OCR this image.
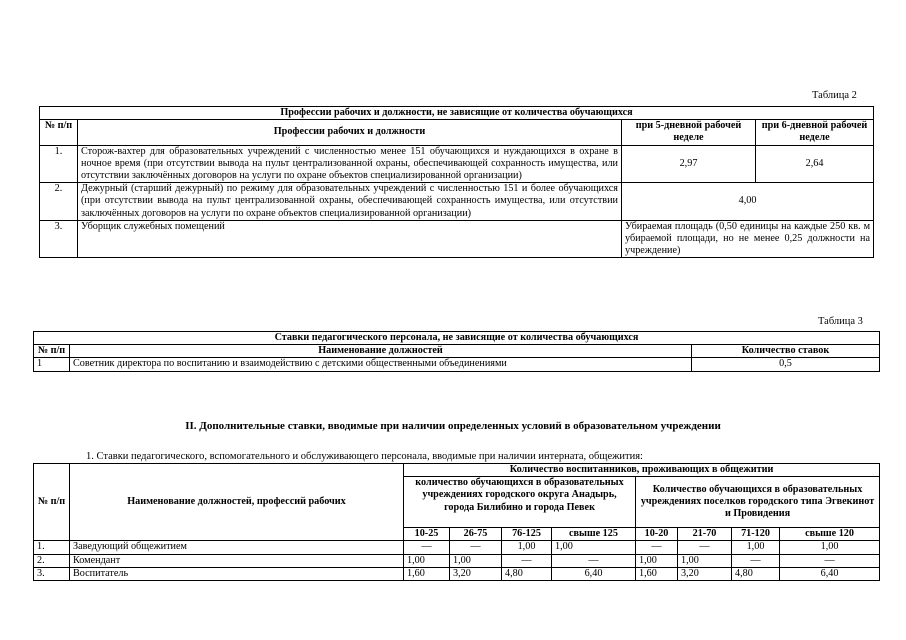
Таблица 2
Профессии рабочих и должности, не зависящие от количества обучающихся			
№ п/п	Профессии рабочих и должности	при 5-дневной рабочей неделе	при 6-дневной рабочей неделе
1.	Сторож-вахтер для образовательных учреждений с численностью менее 151 обучающихся и нуждающихся в охране в ночное время (при отсутствии вывода на пульт централизованной охраны, обеспечивающей сохранность имущества, или отсутствии заключённых договоров на услуги по охране объектов специализированной организации)	2,97	2,64
2.	Дежурный (старший дежурный) по режиму для образовательных учреждений с численностью 151 и более обучающихся (при отсутствии вывода на пульт централизованной охраны, обеспечивающей сохранность имущества, или отсутствии заключённых договоров на услуги по охране объектов специализированной организации)	4,00	
3.	Уборщик служебных помещений	Убираемая площадь (0,50 единицы на каждые 250 кв. м убираемой площади, но не менее 0,25 должности на учреждение)	
Таблица 3
Ставки педагогического персонала, не зависящие от количества обучающихся		
№ п/п	Наименование должностей	Количество ставок
1	Советник директора по воспитанию и взаимодействию с детскими общественными объединениями	0,5
II. Дополнительные ставки, вводимые при наличии определенных условий в образовательном учреждении
1. Ставки педагогического, вспомогательного и обслуживающего персонала, вводимые при наличии интерната, общежития:
№ п/п	Наименование должностей, профессий рабочих	Количество воспитанников, проживающих в общежитии							
		количество обучающихся в образовательных учреждениях городского округа Анадырь, города Билибино и города Певек				Количество обучающихся в образовательных учреждениях поселков городского типа Эгвекинот и Провидения			
		10-25	26-75	76-125	свыше 125	10-20	21-70	71-120	свыше 120
1.	Заведующий общежитием	—	—	1,00	1,00	—	—	1,00	1,00
2.	Комендант	1,00	1,00	—	—	1,00	1,00	—	—
3.	Воспитатель	1,60	3,20	4,80	6,40	1,60	3,20	4,80	6,40
